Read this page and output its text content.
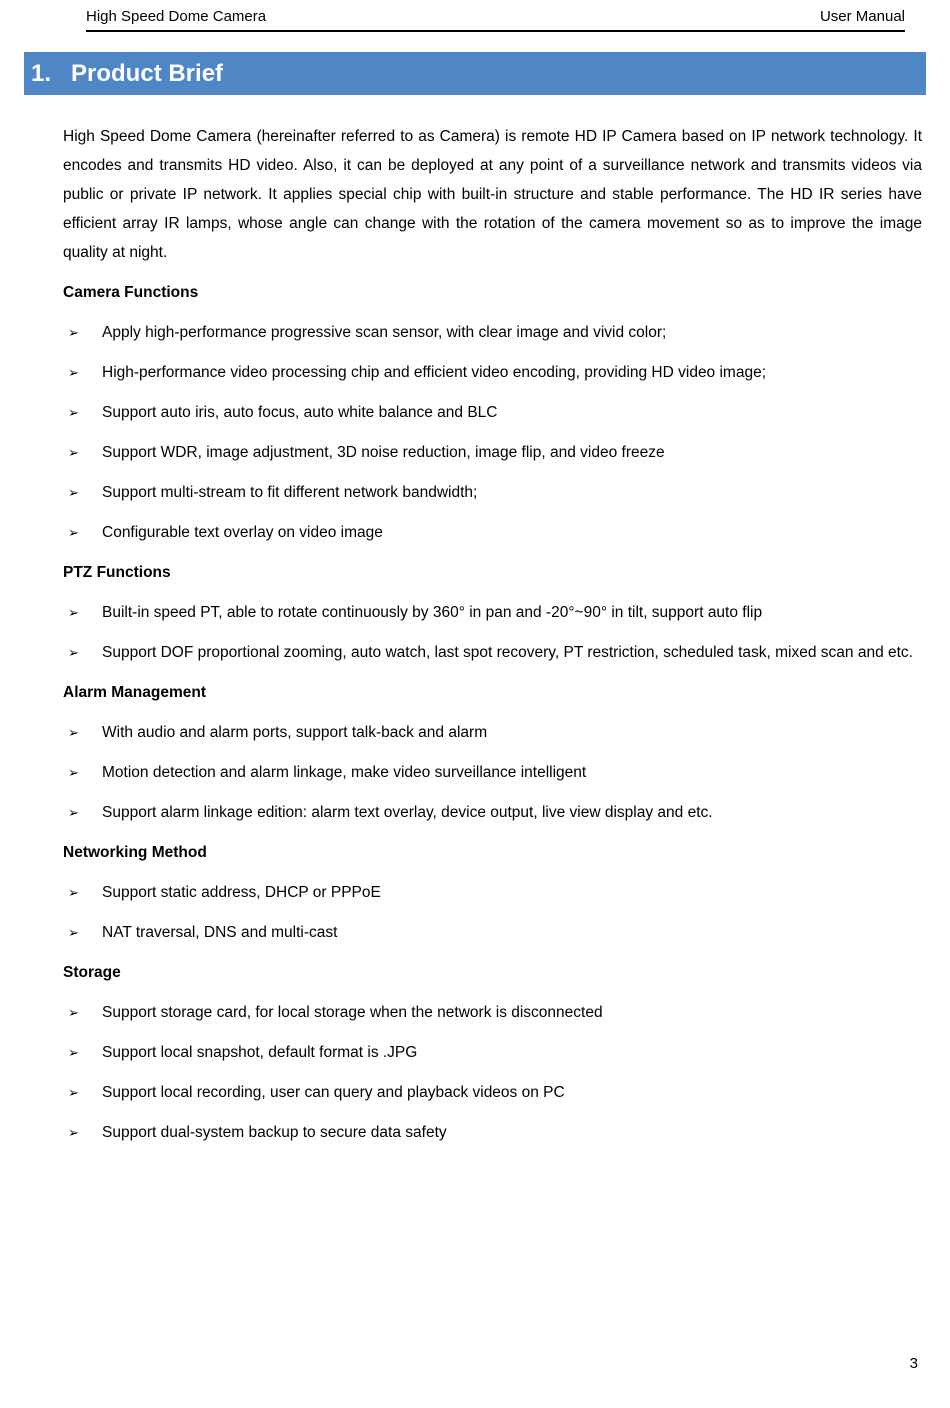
High Speed Dome Camera	User Manual
1. Product Brief

High Speed Dome Camera (hereinafter referred to as Camera) is remote HD IP Camera based on IP network technology. It encodes and transmits HD video. Also, it can be deployed at any point of a surveillance network and transmits videos via public or private IP network. It applies special chip with built-in structure and stable performance. The HD IR series have efficient array IR lamps, whose angle can change with the rotation of the camera movement so as to improve the image quality at night.

Camera Functions
➢	Apply high-performance progressive scan sensor, with clear image and vivid color;
➢	High-performance video processing chip and efficient video encoding, providing HD video image;
➢	Support auto iris, auto focus, auto white balance and BLC
➢	Support WDR, image adjustment, 3D noise reduction, image flip, and video freeze
➢	Support multi-stream to fit different network bandwidth;
➢	Configurable text overlay on video image
PTZ Functions
➢	Built-in speed PT, able to rotate continuously by 360° in pan and -20°~90° in tilt, support auto flip
➢	Support DOF proportional zooming, auto watch, last spot recovery, PT restriction, scheduled task, mixed scan and etc.
Alarm Management
➢	With audio and alarm ports, support talk-back and alarm
➢	Motion detection and alarm linkage, make video surveillance intelligent
➢	Support alarm linkage edition: alarm text overlay, device output, live view display and etc.
Networking Method
➢	Support static address, DHCP or PPPoE
➢	NAT traversal, DNS and multi-cast
Storage
➢	Support storage card, for local storage when the network is disconnected
➢	Support local snapshot, default format is .JPG
➢	Support local recording, user can query and playback videos on PC
➢	Support dual-system backup to secure data safety
3
